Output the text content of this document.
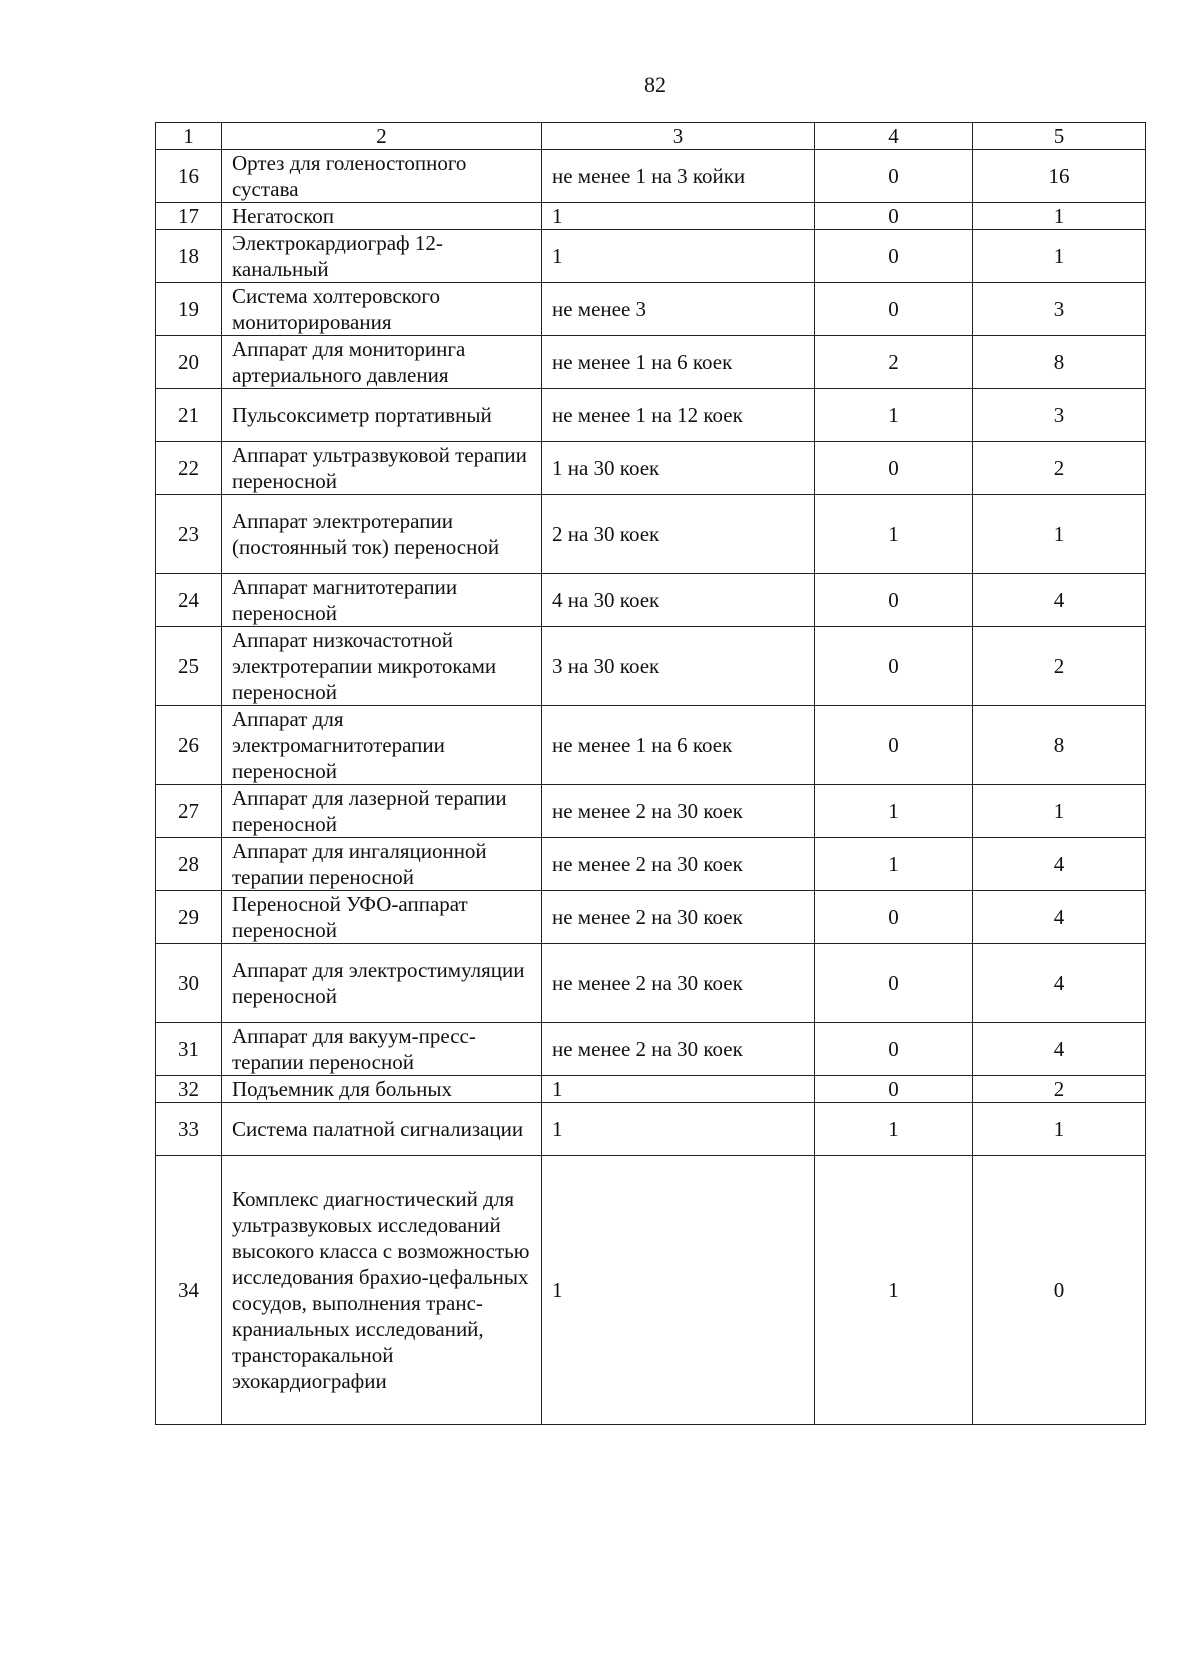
82
1	2	3	4	5
16	Ортез для голеностопного сустава	не менее 1 на 3 койки	0	16
17	Негатоскоп	1	0	1
18	Электрокардиограф 12-канальный	1	0	1
19	Система холтеровского мониторирования	не менее 3	0	3
20	Аппарат для мониторинга артериального давления	не менее 1 на 6 коек	2	8
21	Пульсоксиметр портативный	не менее 1 на 12 коек	1	3
22	Аппарат ультразвуковой терапии переносной	1 на 30 коек	0	2
23	Аппарат электротерапии (постоянный ток) переносной	2 на 30 коек	1	1
24	Аппарат магнитотерапии переносной	4 на 30 коек	0	4
25	Аппарат низкочастотной электротерапии микротоками переносной	3 на 30 коек	0	2
26	Аппарат для электромагнитотерапии переносной	не менее 1 на 6 коек	0	8
27	Аппарат для лазерной терапии переносной	не менее 2 на 30 коек	1	1
28	Аппарат для ингаляционной терапии переносной	не менее 2 на 30 коек	1	4
29	Переносной УФО-аппарат переносной	не менее 2 на 30 коек	0	4
30	Аппарат для электростимуляции переносной	не менее 2 на 30 коек	0	4
31	Аппарат для вакуум-пресс-терапии переносной	не менее 2 на 30 коек	0	4
32	Подъемник для больных	1	0	2
33	Система палатной сигнализации	1	1	1
34	Комплекс диагностический для ультразвуковых исследований высокого класса с возможностью исследования брахио-цефальных сосудов, выполнения транс-краниальных исследований, трансторакальной эхокардиографии	1	1	0
